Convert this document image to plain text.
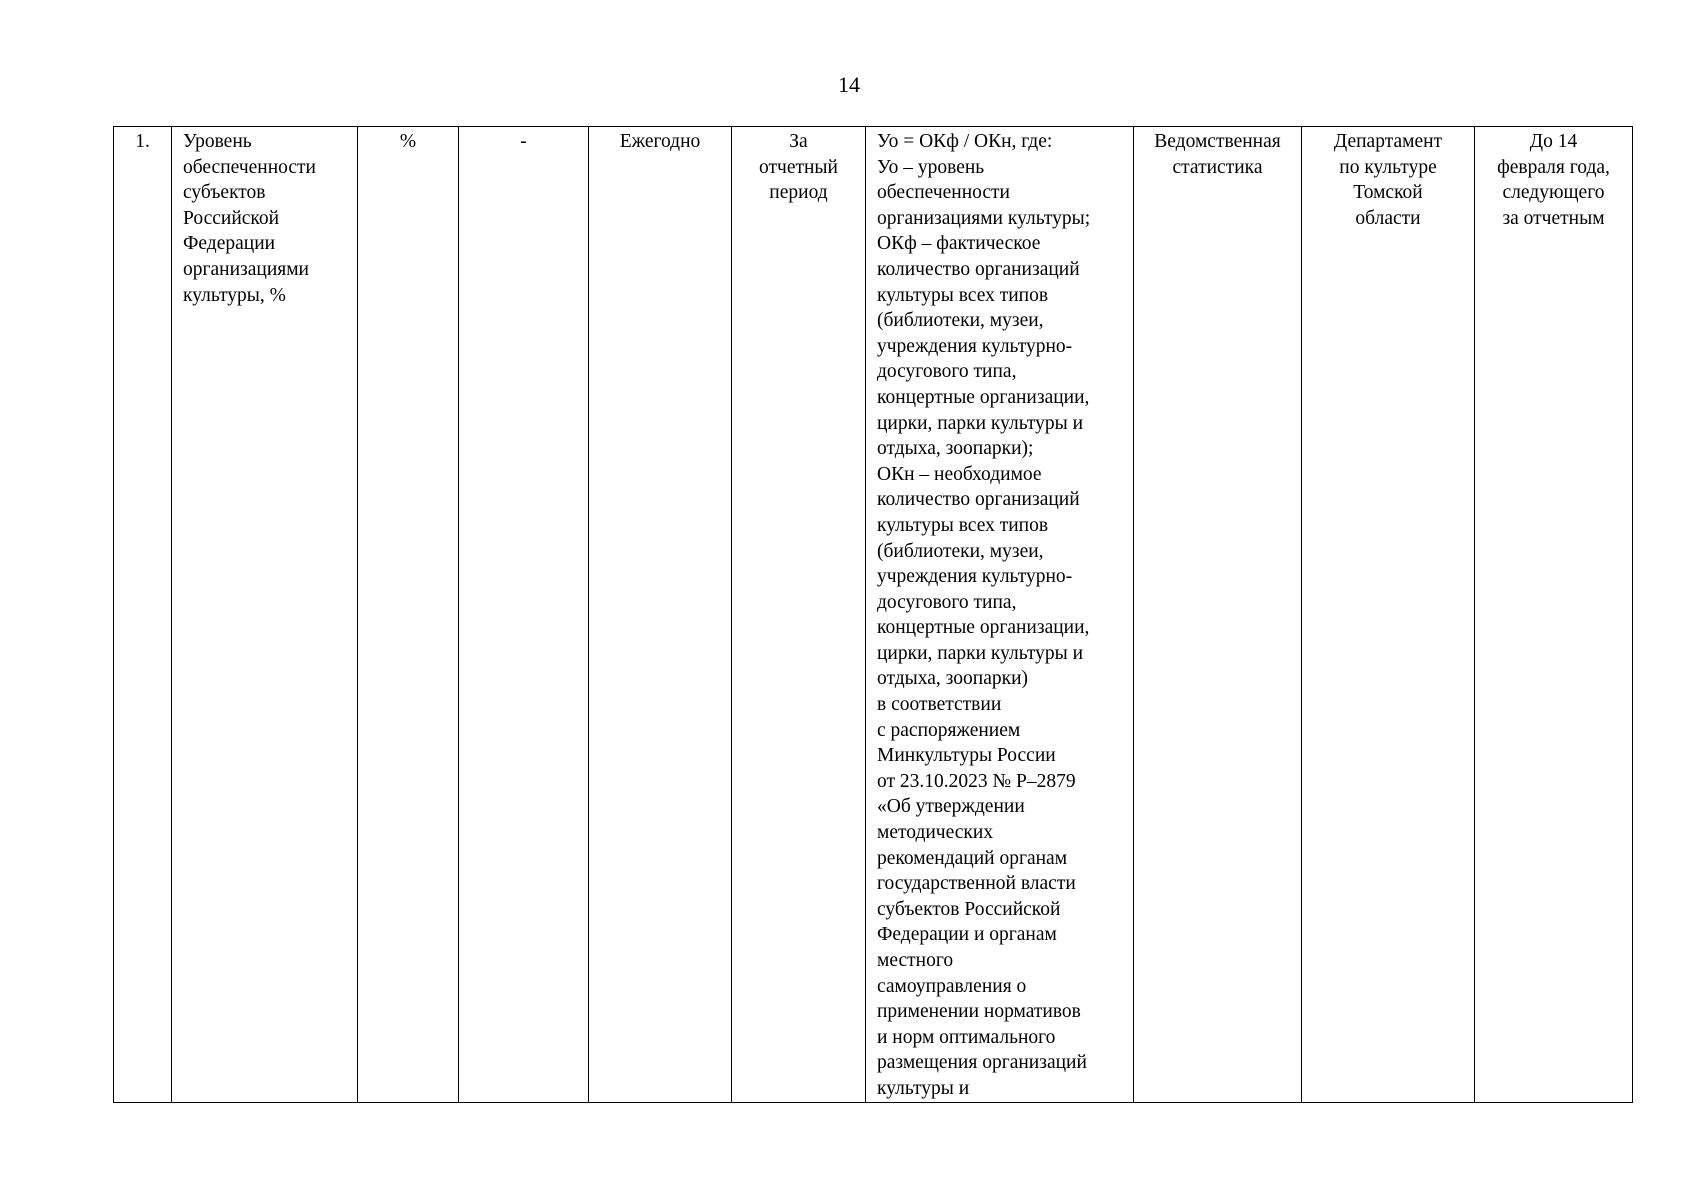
14
1.	Уровень
обеспеченности
субъектов
Российской
Федерации
организациями
культуры, %	%	-	Ежегодно	За
отчетный
период	Уо = ОКф / ОКн, где:
Уо – уровень
обеспеченности
организациями культуры;
ОКф – фактическое
количество организаций
культуры всех типов
(библиотеки, музеи,
учреждения культурно-
досугового типа,
концертные организации,
цирки, парки культуры и
отдыха, зоопарки);
ОКн – необходимое
количество организаций
культуры всех типов
(библиотеки, музеи,
учреждения культурно-
досугового типа,
концертные организации,
цирки, парки культуры и
отдыха, зоопарки)
в соответствии
с распоряжением
Минкультуры России
от 23.10.2023 № Р–2879
«Об утверждении
методических
рекомендаций органам
государственной власти
субъектов Российской
Федерации и органам
местного
самоуправления о
применении нормативов
и норм оптимального
размещения организаций
культуры и	Ведомственная
статистика	Департамент
по культуре
Томской
области	До 14
февраля года,
следующего
за отчетным
